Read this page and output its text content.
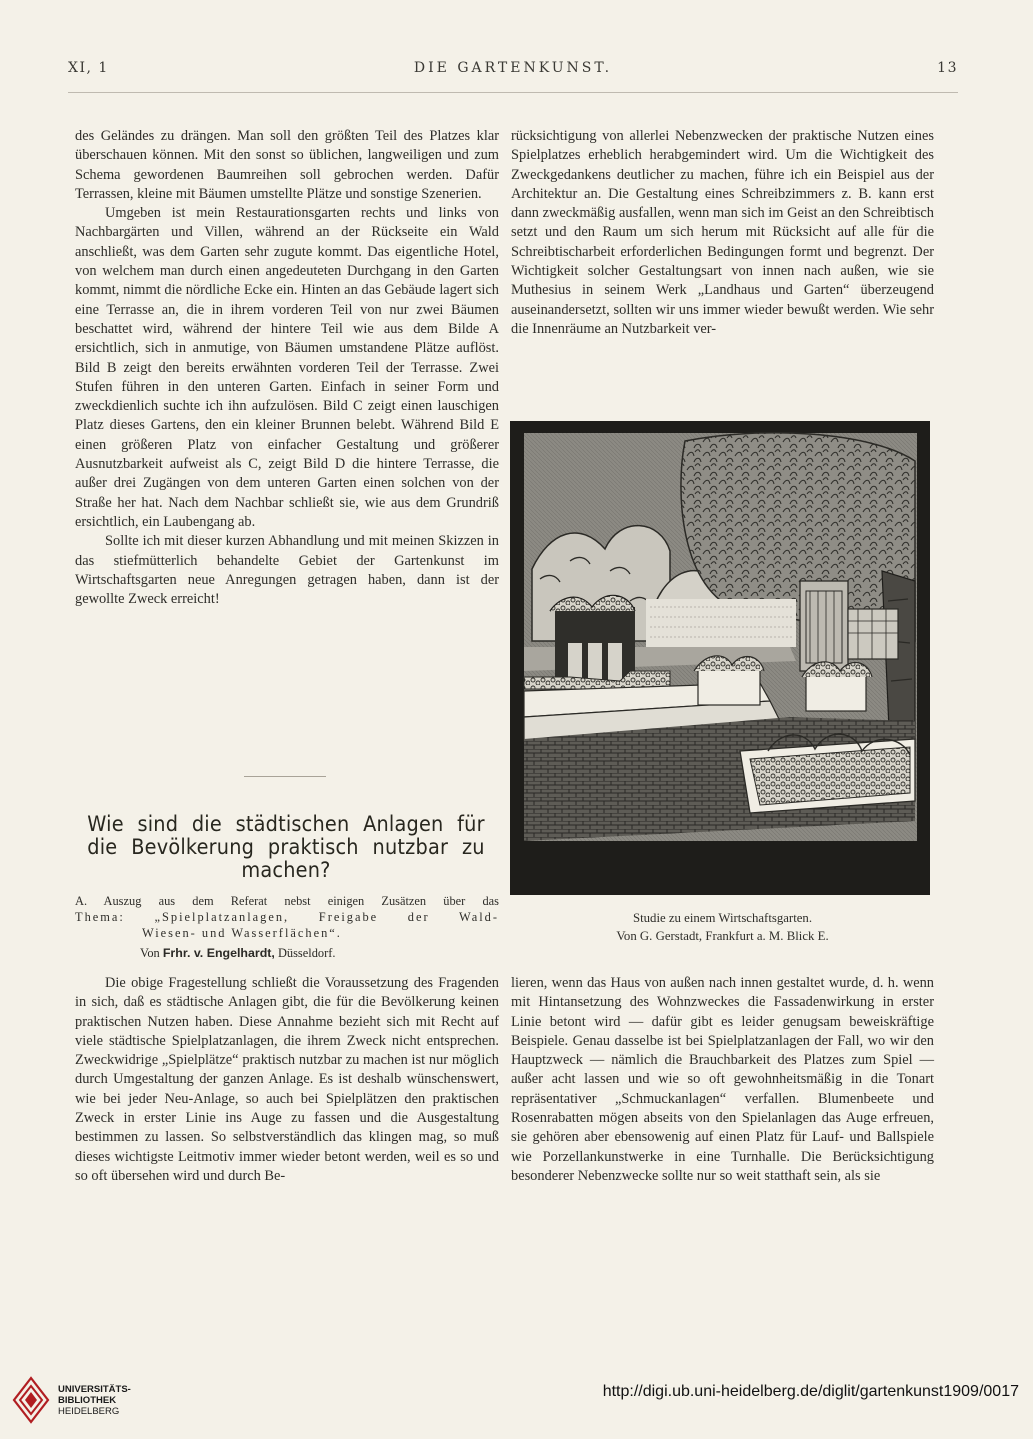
XI, 1	DIE GARTENKUNST.	13

des Geländes zu drängen. Man soll den größten Teil des Platzes klar überschauen können. Mit den sonst so üblichen, langweiligen und zum Schema gewordenen Baumreihen soll gebrochen werden. Dafür Terrassen, kleine mit Bäumen umstellte Plätze und sonstige Szenerien.

Umgeben ist mein Restaurationsgarten rechts und links von Nachbargärten und Villen, während an der Rückseite ein Wald anschließt, was dem Garten sehr zugute kommt. Das eigentliche Hotel, von welchem man durch einen angedeuteten Durchgang in den Garten kommt, nimmt die nördliche Ecke ein. Hinten an das Gebäude lagert sich eine Terrasse an, die in ihrem vorderen Teil von nur zwei Bäumen beschattet wird, während der hintere Teil wie aus dem Bilde A ersichtlich, sich in anmutige, von Bäumen umstandene Plätze auflöst. Bild B zeigt den bereits erwähnten vorderen Teil der Terrasse. Zwei Stufen führen in den unteren Garten. Einfach in seiner Form und zweckdienlich suchte ich ihn aufzulösen. Bild C zeigt einen lauschigen Platz dieses Gartens, den ein kleiner Brunnen belebt. Während Bild E einen größeren Platz von einfacher Gestaltung und größerer Ausnutzbarkeit aufweist als C, zeigt Bild D die hintere Terrasse, die außer drei Zugängen von dem unteren Garten einen solchen von der Straße her hat. Nach dem Nachbar schließt sie, wie aus dem Grundriß ersichtlich, ein Laubengang ab.

Sollte ich mit dieser kurzen Abhandlung und mit meinen Skizzen in das stiefmütterlich behandelte Gebiet der Gartenkunst im Wirtschaftsgarten neue Anregungen getragen haben, dann ist der gewollte Zweck erreicht!

rücksichtigung von allerlei Nebenzwecken der praktische Nutzen eines Spielplatzes erheblich herabgemindert wird. Um die Wichtigkeit des Zweckgedankens deutlicher zu machen, führe ich ein Beispiel aus der Architektur an. Die Gestaltung eines Schreibzimmers z. B. kann erst dann zweckmäßig ausfallen, wenn man sich im Geist an den Schreibtisch setzt und den Raum um sich herum mit Rücksicht auf alle für die Schreibtischarbeit erforderlichen Bedingungen formt und begrenzt. Der Wichtigkeit solcher Gestaltungsart von innen nach außen, wie sie Muthesius in seinem Werk „Landhaus und Garten“ überzeugend auseinandersetzt, sollten wir uns immer wieder bewußt werden. Wie sehr die Innenräume an Nutzbarkeit ver-

Wie sind die städtischen Anlagen für
die Bevölkerung praktisch nutzbar zu
machen?
A. Auszug aus dem Referat nebst einigen Zusätzen über das
Thema: „Spielplatzanlagen, Freigabe der Wald-
Wiesen- und Wasserflächen“.
Von Frhr. v. Engelhardt, Düsseldorf.

Die obige Fragestellung schließt die Voraussetzung des Fragenden in sich, daß es städtische Anlagen gibt, die für die Bevölkerung keinen praktischen Nutzen haben. Diese Annahme bezieht sich mit Recht auf viele städtische Spielplatzanlagen, die ihrem Zweck nicht entsprechen. Zweckwidrige „Spielplätze“ praktisch nutzbar zu machen ist nur möglich durch Umgestaltung der ganzen Anlage. Es ist deshalb wünschenswert, wie bei jeder Neu-Anlage, so auch bei Spielplätzen den praktischen Zweck in erster Linie ins Auge zu fassen und die Ausgestaltung bestimmen zu lassen. So selbstverständlich das klingen mag, so muß dieses wichtigste Leitmotiv immer wieder betont werden, weil es so und so oft übersehen wird und durch Be-

lieren, wenn das Haus von außen nach innen gestaltet wurde, d. h. wenn mit Hintansetzung des Wohnzweckes die Fassadenwirkung in erster Linie betont wird — dafür gibt es leider genugsam beweiskräftige Beispiele. Genau dasselbe ist bei Spielplatzanlagen der Fall, wo wir den Hauptzweck — nämlich die Brauchbarkeit des Platzes zum Spiel — außer acht lassen und wie so oft gewohnheitsmäßig in die Tonart repräsentativer „Schmuckanlagen“ verfallen. Blumenbeete und Rosenrabatten mögen abseits von den Spielanlagen das Auge erfreuen, sie gehören aber ebensowenig auf einen Platz für Lauf- und Ballspiele wie Porzellankunstwerke in eine Turnhalle. Die Berücksichtigung besonderer Nebenzwecke sollte nur so weit statthaft sein, als sie

Studie zu einem Wirtschaftsgarten.
Von G. Gerstadt, Frankfurt a. M. Blick E.
UNIVERSITÄTS-
BIBLIOTHEK
HEIDELBERG
http://digi.ub.uni-heidelberg.de/diglit/gartenkunst1909/0017
